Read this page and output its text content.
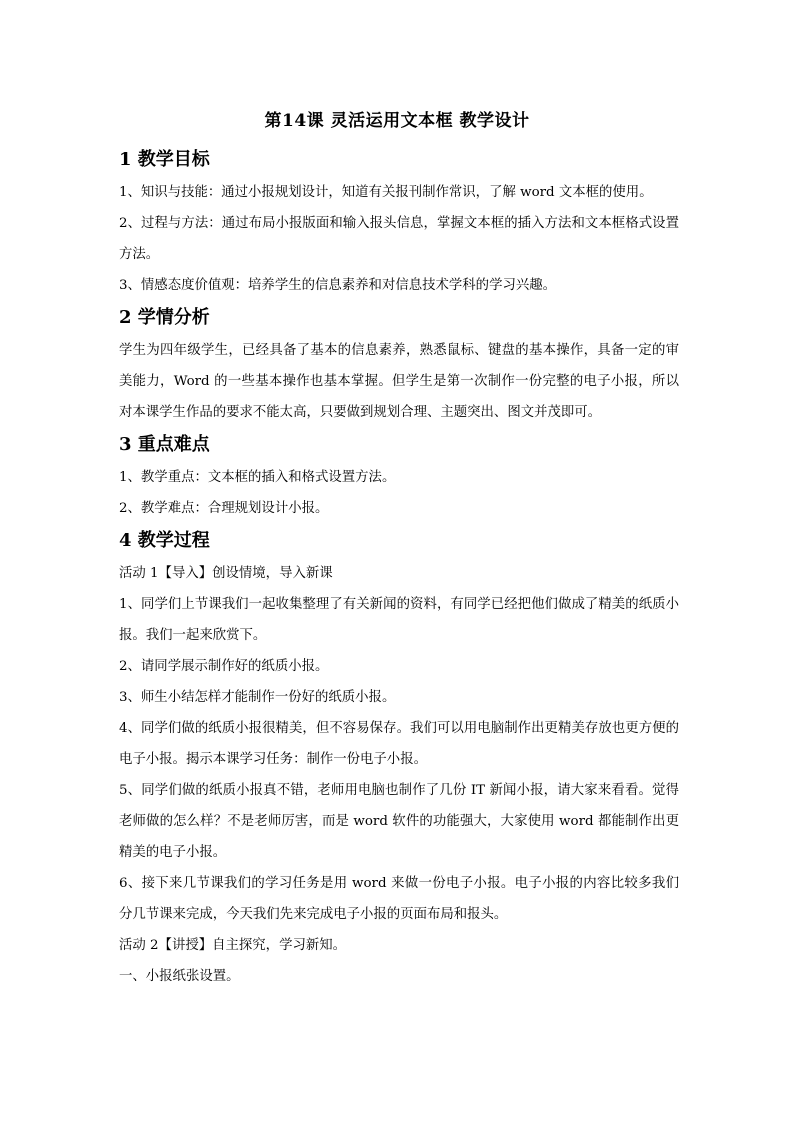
第14课 灵活运用文本框 教学设计
1 教学目标

1、知识与技能：通过小报规划设计，知道有关报刊制作常识，了解 word 文本框的使用。

2、过程与方法：通过布局小报版面和输入报头信息，掌握文本框的插入方法和文本框格式设置方法。

3、情感态度价值观：培养学生的信息素养和对信息技术学科的学习兴趣。

2 学情分析

学生为四年级学生，已经具备了基本的信息素养，熟悉鼠标、键盘的基本操作，具备一定的审美能力，Word 的一些基本操作也基本掌握。但学生是第一次制作一份完整的电子小报，所以对本课学生作品的要求不能太高，只要做到规划合理、主题突出、图文并茂即可。

3 重点难点

1、教学重点：文本框的插入和格式设置方法。

2、教学难点：合理规划设计小报。

4 教学过程

活动 1【导入】创设情境，导入新课

1、同学们上节课我们一起收集整理了有关新闻的资料，有同学已经把他们做成了精美的纸质小报。我们一起来欣赏下。

2、请同学展示制作好的纸质小报。

3、师生小结怎样才能制作一份好的纸质小报。

4、同学们做的纸质小报很精美，但不容易保存。我们可以用电脑制作出更精美存放也更方便的电子小报。揭示本课学习任务：制作一份电子小报。

5、同学们做的纸质小报真不错，老师用电脑也制作了几份 IT 新闻小报，请大家来看看。觉得老师做的怎么样？不是老师厉害，而是 word 软件的功能强大，大家使用 word 都能制作出更精美的电子小报。

6、接下来几节课我们的学习任务是用 word 来做一份电子小报。电子小报的内容比较多我们分几节课来完成，今天我们先来完成电子小报的页面布局和报头。

活动 2【讲授】自主探究，学习新知。

一、小报纸张设置。
